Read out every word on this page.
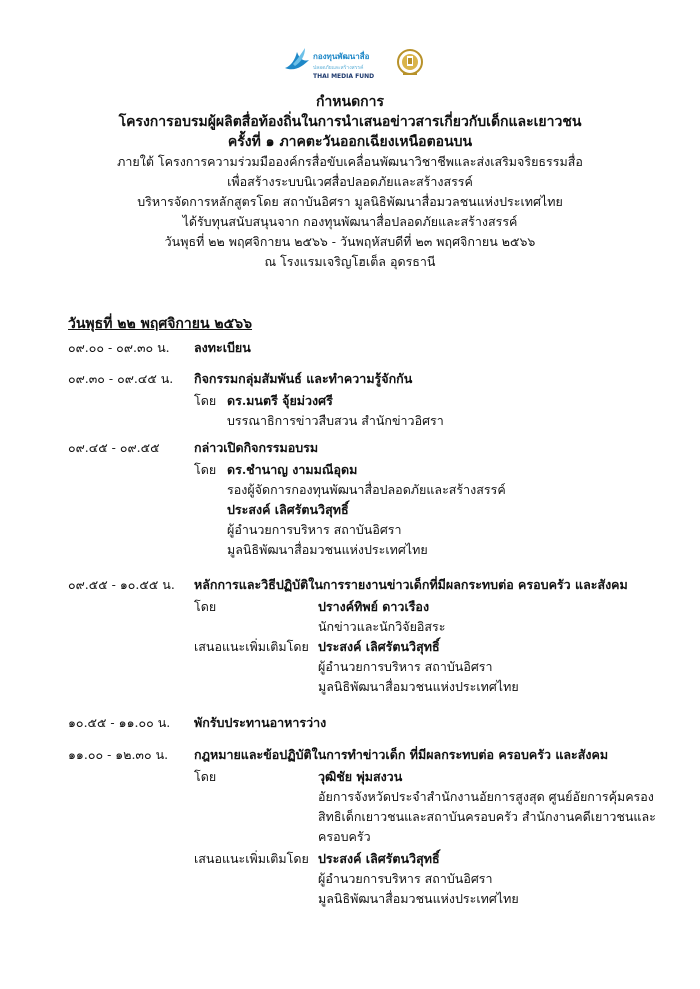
กองทุนพัฒนาสื่อ
ปลอดภัยและสร้างสรรค์
THAI MEDIA FUND
กำหนดการ
โครงการอบรมผู้ผลิตสื่อท้องถิ่นในการนำเสนอข่าวสารเกี่ยวกับเด็กและเยาวชน
ครั้งที่ ๑ ภาคตะวันออกเฉียงเหนือตอนบน
ภายใต้ โครงการความร่วมมือองค์กรสื่อขับเคลื่อนพัฒนาวิชาชีพและส่งเสริมจริยธรรมสื่อ
เพื่อสร้างระบบนิเวศสื่อปลอดภัยและสร้างสรรค์
บริหารจัดการหลักสูตรโดย สถาบันอิศรา มูลนิธิพัฒนาสื่อมวลชนแห่งประเทศไทย
ได้รับทุนสนับสนุนจาก กองทุนพัฒนาสื่อปลอดภัยและสร้างสรรค์
วันพุธที่ ๒๒ พฤศจิกายน ๒๕๖๖ - วันพฤหัสบดีที่ ๒๓ พฤศจิกายน ๒๕๖๖
ณ โรงแรมเจริญโฮเต็ล อุดรธานี
วันพุธที่ ๒๒ พฤศจิกายน ๒๕๖๖
๐๙.๐๐ - ๐๙.๓๐ น. ลงทะเบียน
๐๙.๓๐ - ๐๙.๔๕ น. กิจกรรมกลุ่มสัมพันธ์ และทำความรู้จักกัน
โดย ดร.มนตรี จุ้ยม่วงศรี
บรรณาธิการข่าวสืบสวน สำนักข่าวอิศรา
๐๙.๔๕ - ๐๙.๕๕	กล่าวเปิดกิจกรรมอบรม
โดย ดร.ชำนาญ งามมณีอุดม
รองผู้จัดการกองทุนพัฒนาสื่อปลอดภัยและสร้างสรรค์
ประสงค์ เลิศรัตนวิสุทธิ์
ผู้อำนวยการบริหาร สถาบันอิศรา
มูลนิธิพัฒนาสื่อมวชนแห่งประเทศไทย
๐๙.๕๕ - ๑๐.๕๕ น. หลักการและวิธีปฏิบัติในการรายงานข่าวเด็กที่มีผลกระทบต่อ ครอบครัว และสังคม
โดย	ปรางค์ทิพย์ ดาวเรือง
นักข่าวและนักวิจัยอิสระ
เสนอแนะเพิ่มเติมโดย ประสงค์ เลิศรัตนวิสุทธิ์
ผู้อำนวยการบริหาร สถาบันอิศรา
มูลนิธิพัฒนาสื่อมวชนแห่งประเทศไทย
๑๐.๕๕ - ๑๑.๐๐ น. พักรับประทานอาหารว่าง
๑๑.๐๐ - ๑๒.๓๐ น. กฎหมายและข้อปฏิบัติในการทำข่าวเด็ก ที่มีผลกระทบต่อ ครอบครัว และสังคม
โดย	วุฒิชัย พุ่มสงวน
อัยการจังหวัดประจำสำนักงานอัยการสูงสุด ศูนย์อัยการคุ้มครอง
สิทธิเด็กเยาวชนและสถาบันครอบครัว สำนักงานคดีเยาวชนและ
ครอบครัว
เสนอแนะเพิ่มเติมโดย ประสงค์ เลิศรัตนวิสุทธิ์
ผู้อำนวยการบริหาร สถาบันอิศรา
มูลนิธิพัฒนาสื่อมวชนแห่งประเทศไทย
